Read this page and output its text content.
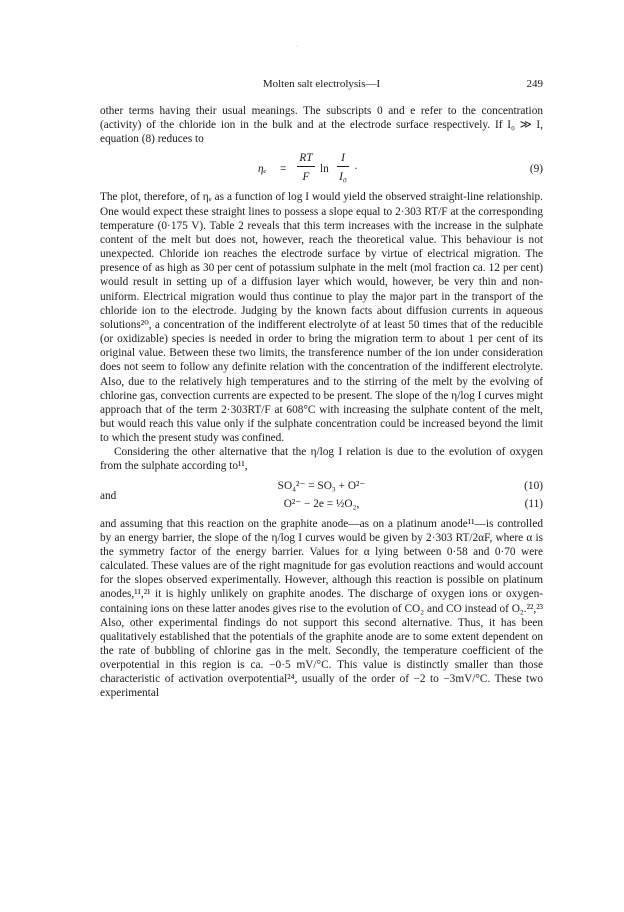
·
Molten salt electrolysis—I	249

other terms having their usual meanings. The subscripts 0 and e refer to the concentration (activity) of the chloride ion in the bulk and at the electrode surface respectively. If I₀ ≫ I, equation (8) reduces to

ηₑ =
RT
F
ln
I
I₀
·	(9)

The plot, therefore, of ηₑ as a function of log I would yield the observed straight-line relationship. One would expect these straight lines to possess a slope equal to 2·303 RT/F at the corresponding temperature (0·175 V). Table 2 reveals that this term increases with the increase in the sulphate content of the melt but does not, however, reach the theoretical value. This behaviour is not unexpected. Chloride ion reaches the electrode surface by virtue of electrical migration. The presence of as high as 30 per cent of potassium sulphate in the melt (mol fraction ca. 12 per cent) would result in setting up of a diffusion layer which would, however, be very thin and non-uniform. Electrical migration would thus continue to play the major part in the transport of the chloride ion to the electrode. Judging by the known facts about diffusion currents in aqueous solutions²⁰, a concentration of the indifferent electrolyte of at least 50 times that of the reducible (or oxidizable) species is needed in order to bring the migration term to about 1 per cent of its original value. Between these two limits, the transference number of the ion under consideration does not seem to follow any definite relation with the concentration of the indifferent electrolyte. Also, due to the relatively high temperatures and to the stirring of the melt by the evolving of chlorine gas, convection currents are expected to be present. The slope of the η/log I curves might approach that of the term 2·303RT/F at 608°C with increasing the sulphate content of the melt, but would reach this value only if the sulphate concentration could be increased beyond the limit to which the present study was confined.

Considering the other alternative that the η/log I relation is due to the evolution of oxygen from the sulphate according to¹¹,

SO₄²⁻ = SO₃ + O²⁻	(10)
and
O²⁻ − 2e = ½O₂,	(11)

and assuming that this reaction on the graphite anode—as on a platinum anode¹¹—is controlled by an energy barrier, the slope of the η/log I curves would be given by 2·303 RT/2αF, where α is the symmetry factor of the energy barrier. Values for α lying between 0·58 and 0·70 were calculated. These values are of the right magnitude for gas evolution reactions and would account for the slopes observed experimentally. However, although this reaction is possible on platinum anodes,¹¹,²¹ it is highly unlikely on graphite anodes. The discharge of oxygen ions or oxygen-containing ions on these latter anodes gives rise to the evolution of CO₂ and CO instead of O₂.²²,²³ Also, other experimental findings do not support this second alternative. Thus, it has been qualitatively established that the potentials of the graphite anode are to some extent dependent on the rate of bubbling of chlorine gas in the melt. Secondly, the temperature coefficient of the overpotential in this region is ca. −0·5 mV/°C. This value is distinctly smaller than those characteristic of activation overpotential²⁴, usually of the order of −2 to −3mV/°C. These two experimental
